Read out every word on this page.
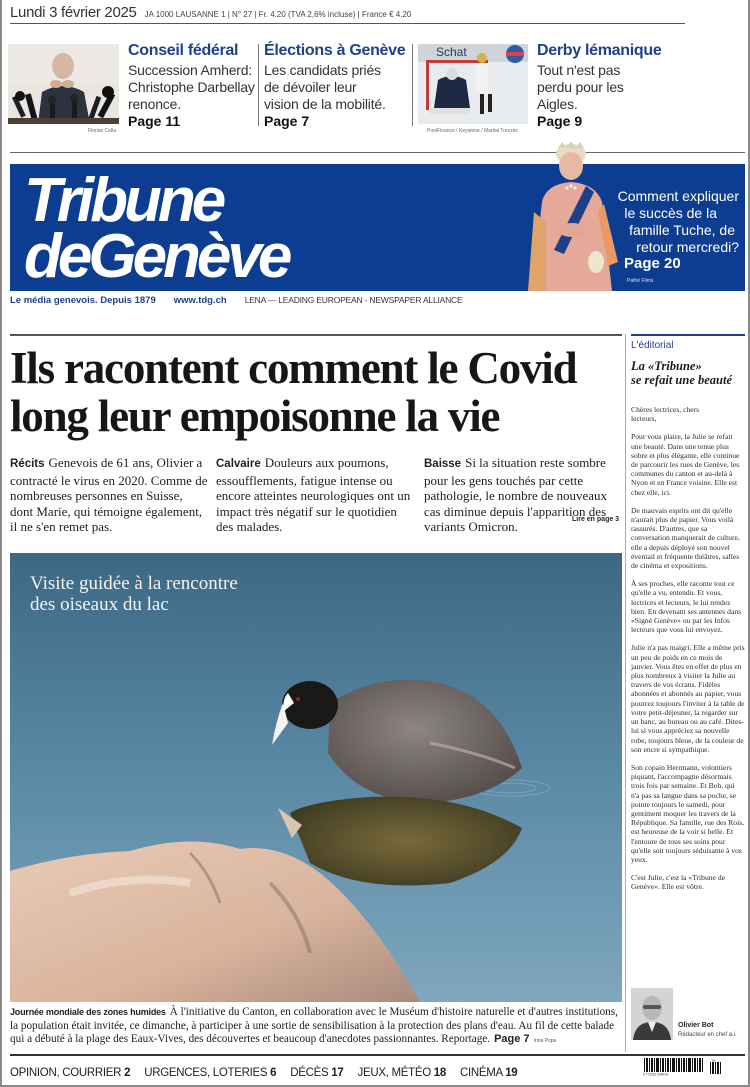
Lundi 3 février 2025 JA 1000 LAUSANNE 1 | N° 27 | Fr. 4.20 (TVA 2,6% incluse) | France € 4.20
Florian Cella
Conseil fédéral
Succession Amherd: Christophe Darbellay renonce.
Page 11
Élections à Genève
Les candidats priés de dévoiler leur vision de la mobilité.
Page 7
Schat
PostFinance / Keystone / Martial Trezzini
Derby lémanique
Tout n'est pas perdu pour les Aigles.
Page 9
Tribune
deGenève
Comment expliquer
le succès de la
famille Tuche, de
retour mercredi?
Page 20
Pathé Films
Le média genevois. Depuis 1879 www.tdg.ch LENA — LEADING EUROPEAN - NEWSPAPER ALLIANCE
Ils racontent comment le Covid long leur empoisonne la vie
Récits Genevois de 61 ans, Olivier a contracté le virus en 2020. Comme de nombreuses personnes en Suisse, dont Marie, qui témoigne également, il ne s'en remet pas.
Calvaire Douleurs aux poumons, essoufflements, fatigue intense ou encore atteintes neurologiques ont un impact très négatif sur le quotidien des malades.
Baisse Si la situation reste sombre pour les gens touchés par cette pathologie, le nombre de nouveaux cas diminue depuis l'apparition des variants Omicron.	Lire en page 3
Visite guidée à la rencontre
des oiseaux du lac
Journée mondiale des zones humides À l'initiative du Canton, en collaboration avec le Muséum d'histoire naturelle et d'autres institutions, la population était invitée, ce dimanche, à participer à une sortie de sensibilisation à la protection des plans d'eau. Au fil de cette balade qui a débuté à la plage des Eaux-Vives, des découvertes et beaucoup d'anecdotes passionnantes. Reportage. Page 7 Irina Popa
L'éditorial
La «Tribune»
se refait une beauté

Chères lectrices, chers lecteurs,

Pour vous plaire, la Julie se refait une beauté. Dans une tenue plus sobre et plus élégante, elle continue de parcourir les rues de Genève, les communes du canton et au-delà à Nyon et en France voisine. Elle est chez elle, ici.

De mauvais esprits ont dit qu'elle n'aurait plus de papier. Vous voilà rassurés. D'autres, que sa conversation manquerait de culture, elle a depuis déployé son nouvel éventail et fréquente théâtres, salles de cinéma et expositions.

À ses proches, elle raconte tout ce qu'elle a vu, entendu. Et vous, lectrices et lecteurs, le lui rendez bien. En devenant ses antennes dans «Signé Genève» ou par les Infos lecteurs que vous lui envoyez.

Julie n'a pas maigri. Elle a même pris un peu de poids en ce mois de janvier. Vous êtes en effet de plus en plus nombreux à visiter la Julie au travers de vos écrans. Fidèles abonnées et abonnés au papier, vous pourrez toujours l'inviter à la table de votre petit-déjeuner, la regarder sur un banc, au bureau ou au café. Dites-lui si vous appréciez sa nouvelle robe, toujours bleue, de la couleur de son encre si sympathique.

Son copain Herrmann, volontiers piquant, l'accompagne désormais trois fois par semaine. Et Bob, qui n'a pas sa langue dans sa poche, se pointe toujours le samedi, pour gentiment moquer les travers de la République. Sa famille, rue des Rois, est heureuse de la voir si belle. Et l'entoure de tous ses soins pour qu'elle soit toujours séduisante à vos yeux.

C'est Julie, c'est la «Tribune de Genève». Elle est vôtre.

Olivier Bot
Rédacteur en chef a.i.
OPINION, COURRIER 2 URGENCES, LOTERIES 6 DÉCÈS 17 JEUX, MÉTÉO 18 CINÉMA 19	9 771010 224014
06
